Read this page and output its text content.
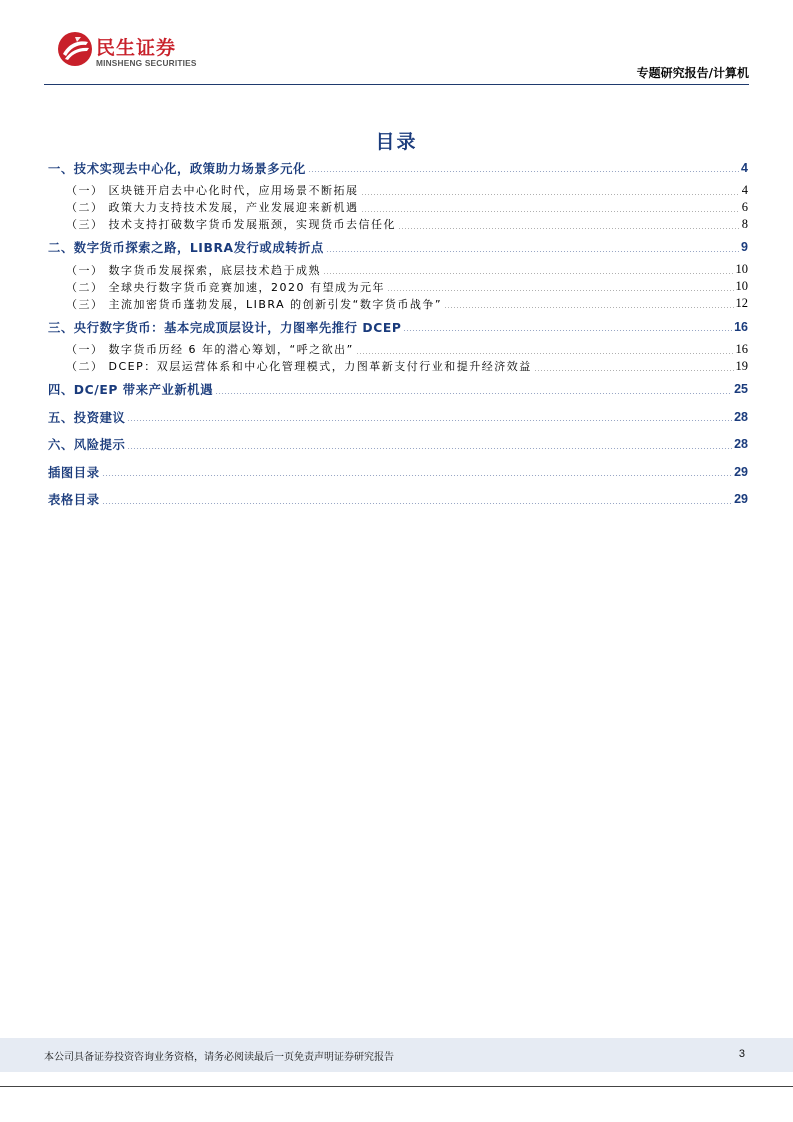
民生证券
MINSHENG SECURITIES
专题研究报告/计算机
目录
一、技术实现去中心化，政策助力场景多元化	4
（一） 区块链开启去中心化时代，应用场景不断拓展	4
（二） 政策大力支持技术发展，产业发展迎来新机遇	6
（三） 技术支持打破数字货币发展瓶颈，实现货币去信任化	8
二、数字货币探索之路，LIBRA发行或成转折点	9
（一） 数字货币发展探索，底层技术趋于成熟	10
（二） 全球央行数字货币竞赛加速，2020 有望成为元年	10
（三） 主流加密货币蓬勃发展，LIBRA 的创新引发“数字货币战争”	12
三、央行数字货币：基本完成顶层设计，力图率先推行 DCEP	16
（一） 数字货币历经 6 年的潜心筹划，“呼之欲出”	16
（二） DCEP：双层运营体系和中心化管理模式，力图革新支付行业和提升经济效益	19
四、DC/EP 带来产业新机遇	25
五、投资建议	28
六、风险提示	28
插图目录	29
表格目录	29
本公司具备证券投资咨询业务资格，请务必阅读最后一页免责声明证券研究报告	3
